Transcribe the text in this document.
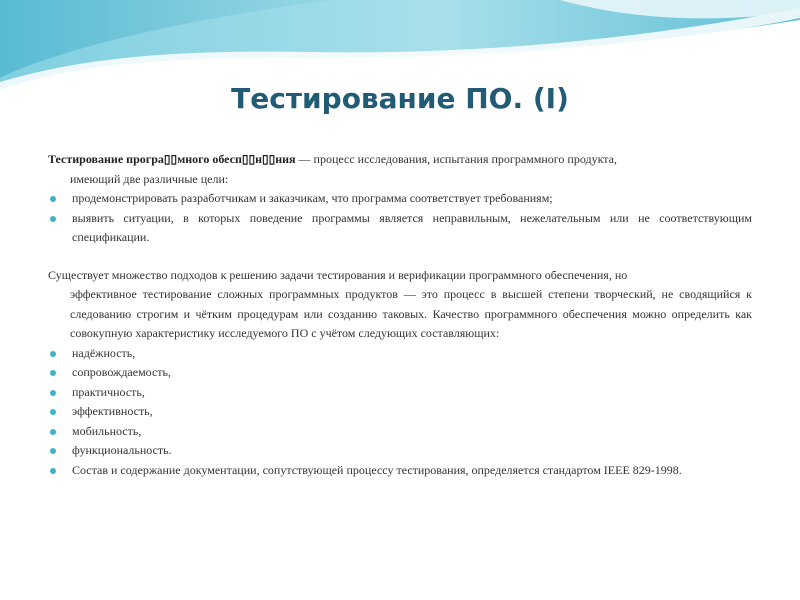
Тестирование ПО. (I)

Тестирование програ▯▯много обесп▯▯н▯▯ния — процесс исследования, испытания программного продукта,

имеющий две различные цели:

продемонстрировать разработчикам и заказчикам, что программа соответствует требованиям;
выявить ситуации, в которых поведение программы является неправильным, нежелательным или не соответствующим спецификации.

Существует множество подходов к решению задачи тестирования и верификации программного обеспечения, но

эффективное тестирование сложных программных продуктов — это процесс в высшей степени творческий, не сводящийся к следованию строгим и чётким процедурам или созданию таковых. Качество программного обеспечения можно определить как совокупную характеристику исследуемого ПО с учётом следующих составляющих:

надёжность,
сопровождаемость,
практичность,
эффективность,
мобильность,
функциональность.
Состав и содержание документации, сопутствующей процессу тестирования, определяется стандартом IEEE 829-1998.
